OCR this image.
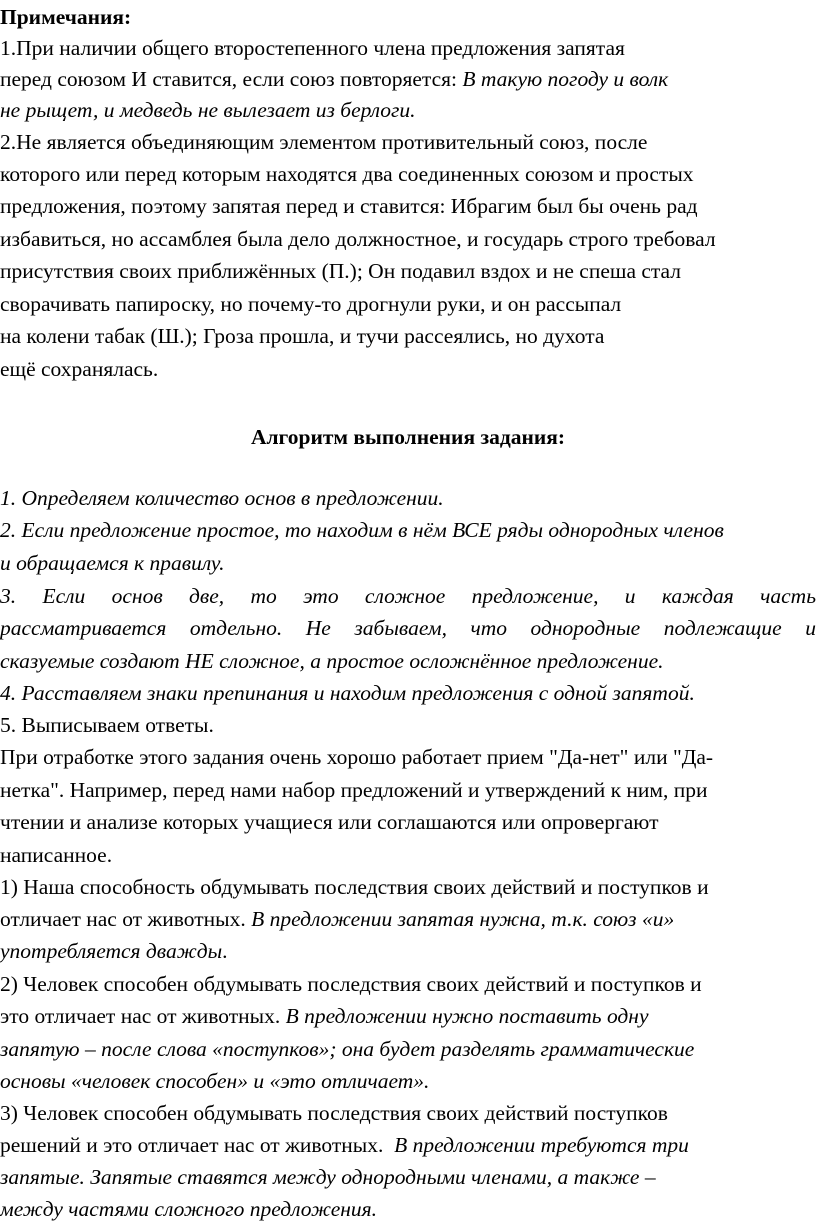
Примечания:
1.При наличии общего второстепенного члена предложения запятая
перед союзом И ставится, если союз повторяется: В такую погоду и волк
не рыщет, и медведь не вылезает из берлоги.
2.Не является объединяющим элементом противительный союз, после
которого или перед которым находятся два соединенных союзом и простых
предложения, поэтому запятая перед и ставится: Ибрагим был бы очень рад
избавиться, но ассамблея была дело должностное, и государь строго требовал
присутствия своих приближённых (П.); Он подавил вздох и не спеша стал
сворачивать папироску, но почему-то дрогнули руки, и он рассыпал
на колени табак (Ш.); Гроза прошла, и тучи рассеялись, но духота
ещё сохранялась.
Алгоритм выполнения задания:
1. Определяем количество основ в предложении.
2. Если предложение простое, то находим в нём ВСЕ ряды однородных членов
и обращаемся к правилу.
3. Если основ две, то это сложное предложение, и каждая часть
рассматривается отдельно. Не забываем, что однородные подлежащие и
сказуемые создают НЕ сложное, а простое осложнённое предложение.
4. Расставляем знаки препинания и находим предложения с одной запятой.
5. Выписываем ответы.
При отработке этого задания очень хорошо работает прием "Да-нет" или "Да-
нетка". Например, перед нами набор предложений и утверждений к ним, при
чтении и анализе которых учащиеся или соглашаются или опровергают
написанное.
1) Наша способность обдумывать последствия своих действий и поступков и
отличает нас от животных. В предложении запятая нужна, т.к. союз «и»
употребляется дважды.
2) Человек способен обдумывать последствия своих действий и поступков и
это отличает нас от животных. В предложении нужно поставить одну
запятую – после слова «поступков»; она будет разделять грамматические
основы «человек способен» и «это отличает».
3) Человек способен обдумывать последствия своих действий поступков
решений и это отличает нас от животных.  В предложении требуются три
запятые. Запятые ставятся между однородными членами, а также –
между частями сложного предложения.
